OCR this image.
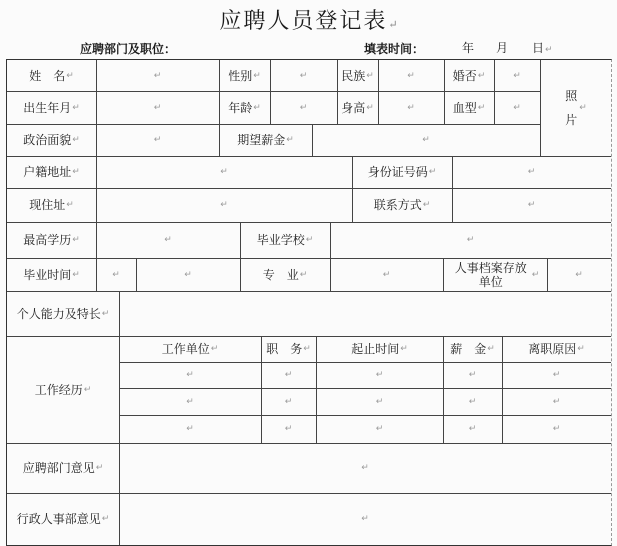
应聘人员登记表↵
应聘部门及职位：	填表时间：	年 月 日↵
姓　名 ↵	↵	性别 ↵	↵	民族 ↵	↵	婚否 ↵	↵
照片
↵
出生年月 ↵	↵	年龄 ↵	↵	身高 ↵	↵	血型 ↵	↵
政治面貌 ↵	↵	期望薪金 ↵	↵
户籍地址 ↵	↵	身份证号码 ↵	↵
现住址 ↵	↵	联系方式 ↵	↵
最高学历 ↵	↵	毕业学校 ↵	↵
毕业时间 ↵	↵	↵	专　业 ↵	↵	人事档案存放单位	↵	↵
个人能力及特长 ↵
工作经历 ↵
工作单位 ↵	职　务 ↵	起止时间 ↵	薪　金 ↵	离职原因 ↵
↵	↵	↵	↵	↵
↵	↵	↵	↵	↵
↵	↵	↵	↵	↵
应聘部门意见 ↵	↵
行政人事部意见 ↵	↵
